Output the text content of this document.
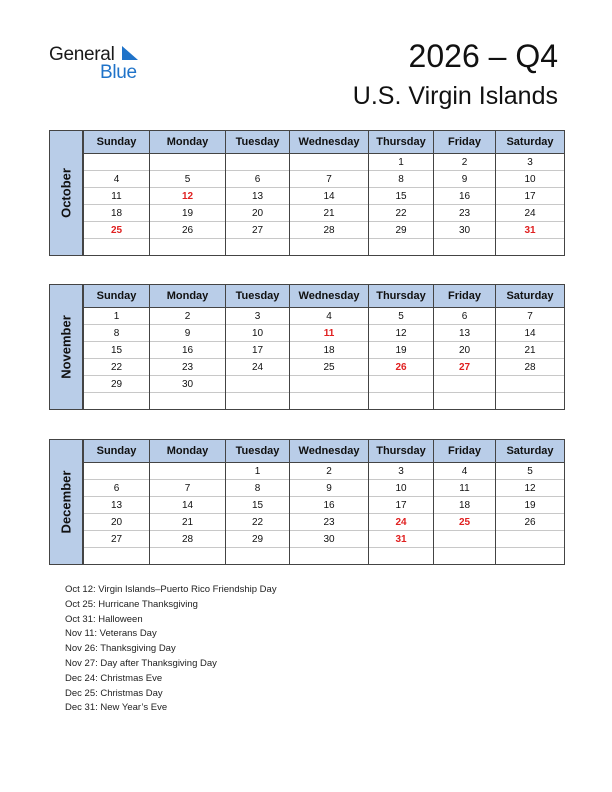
General
Blue	2026 – Q4
U.S. Virgin Islands
October
Sunday	Monday	Tuesday	Wednesday	Thursday	Friday	Saturday
				1	2	3
4	5	6	7	8	9	10
11	12	13	14	15	16	17
18	19	20	21	22	23	24
25	26	27	28	29	30	31

November
Sunday	Monday	Tuesday	Wednesday	Thursday	Friday	Saturday
1	2	3	4	5	6	7
8	9	10	11	12	13	14
15	16	17	18	19	20	21
22	23	24	25	26	27	28
29	30					

December
Sunday	Monday	Tuesday	Wednesday	Thursday	Friday	Saturday
		1	2	3	4	5
6	7	8	9	10	11	12
13	14	15	16	17	18	19
20	21	22	23	24	25	26
27	28	29	30	31		

Oct 12: Virgin Islands–Puerto Rico Friendship Day
Oct 25: Hurricane Thanksgiving
Oct 31: Halloween
Nov 11: Veterans Day
Nov 26: Thanksgiving Day
Nov 27: Day after Thanksgiving Day
Dec 24: Christmas Eve
Dec 25: Christmas Day
Dec 31: New Year’s Eve
